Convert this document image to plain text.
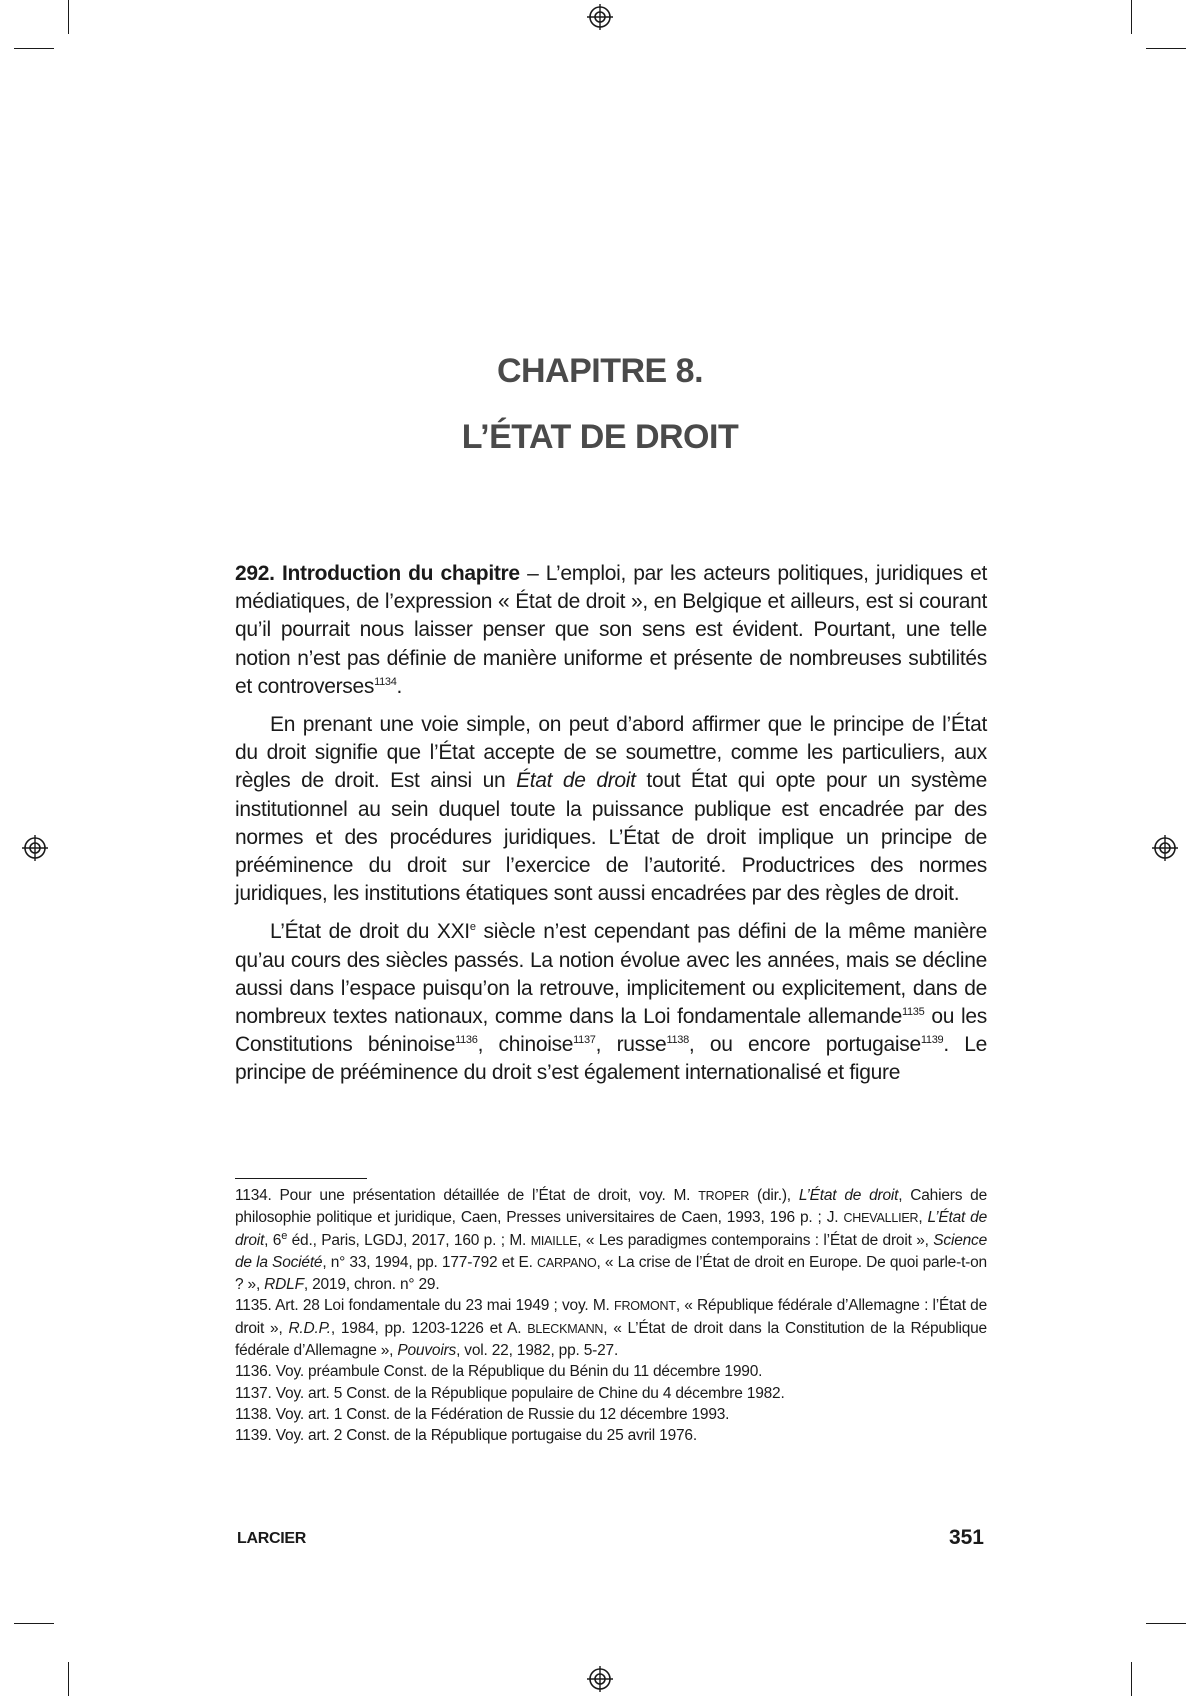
CHAPITRE 8.
L’ÉTAT DE DROIT

292. Introduction du chapitre – L’emploi, par les acteurs politiques, juridiques et médiatiques, de l’expression « État de droit », en Belgique et ailleurs, est si courant qu’il pourrait nous laisser penser que son sens est évident. Pourtant, une telle notion n’est pas définie de manière uniforme et présente de nombreuses subtilités et controverses$^{1134}$.

En prenant une voie simple, on peut d’abord affirmer que le principe de l’État du droit signifie que l’État accepte de se soumettre, comme les particuliers, aux règles de droit. Est ainsi un État de droit tout État qui opte pour un système institutionnel au sein duquel toute la puissance publique est encadrée par des normes et des procédures juridiques. L’État de droit implique un principe de prééminence du droit sur l’exercice de l’autorité. Productrices des normes juridiques, les institutions étatiques sont aussi encadrées par des règles de droit.

L’État de droit du XXIe siècle n’est cependant pas défini de la même manière qu’au cours des siècles passés. La notion évolue avec les années, mais se décline aussi dans l’espace puisqu’on la retrouve, implicitement ou explicitement, dans de nombreux textes nationaux, comme dans la Loi fondamentale allemande$^{1135}$ ou les Constitutions béninoise$^{1136}$, chinoise$^{1137}$, russe$^{1138}$, ou encore portugaise$^{1139}$. Le principe de prééminence du droit s’est également internationalisé et figure

1134. Pour une présentation détaillée de l’État de droit, voy. M. TROPER (dir.), L’État de droit, Cahiers de philosophie politique et juridique, Caen, Presses universitaires de Caen, 1993, 196 p. ; J. CHEVALLIER, L’État de droit, 6e éd., Paris, LGDJ, 2017, 160 p. ; M. MIAILLE, « Les paradigmes contemporains : l’État de droit », Science de la Société, n° 33, 1994, pp. 177-792 et E. CARPANO, « La crise de l’État de droit en Europe. De quoi parle-t-on ? », RDLF, 2019, chron. n° 29.

1135. Art. 28 Loi fondamentale du 23 mai 1949 ; voy. M. FROMONT, « République fédérale d’Allemagne : l’État de droit », R.D.P., 1984, pp. 1203-1226 et A. BLECKMANN, « L’État de droit dans la Constitution de la République fédérale d’Allemagne », Pouvoirs, vol. 22, 1982, pp. 5-27.

1136. Voy. préambule Const. de la République du Bénin du 11 décembre 1990.

1137. Voy. art. 5 Const. de la République populaire de Chine du 4 décembre 1982.

1138. Voy. art. 1 Const. de la Fédération de Russie du 12 décembre 1993.

1139. Voy. art. 2 Const. de la République portugaise du 25 avril 1976.

LARCIER	351
